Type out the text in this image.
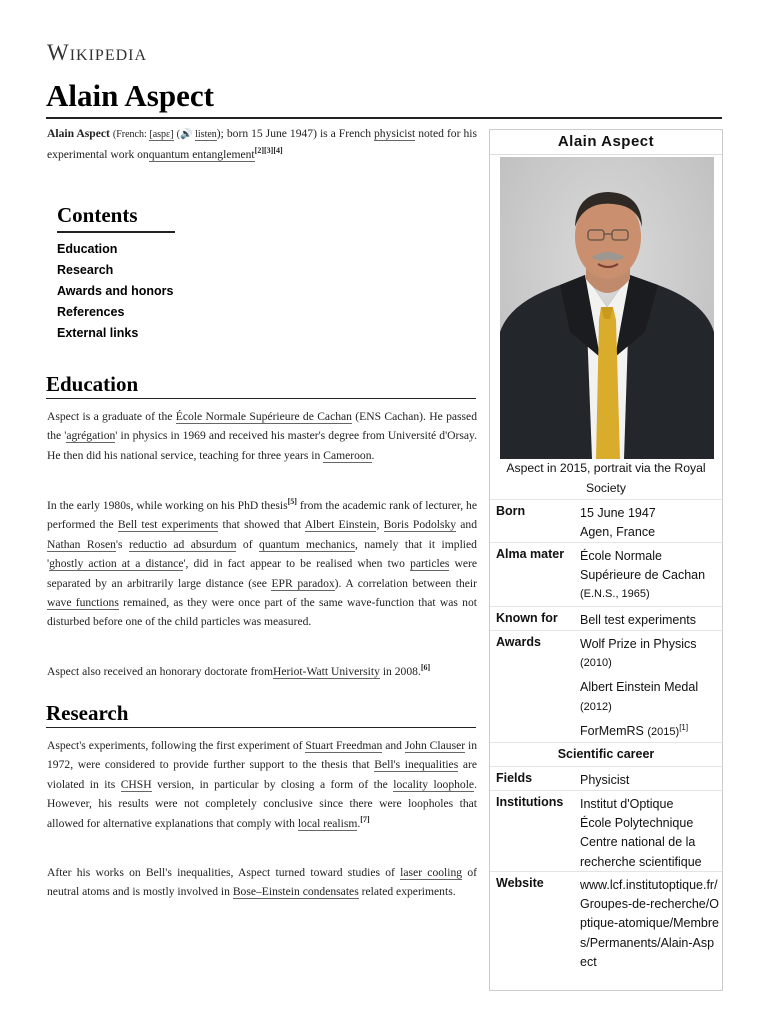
Wikipedia
Alain Aspect

Alain Aspect (French: [aspɛ] (🔊 listen); born 15 June 1947) is a French physicist noted for his experimental work onquantum entanglement[2][3][4]

Contents
Education
Research
Awards and honors
References
External links
Education

Aspect is a graduate of the École Normale Supérieure de Cachan (ENS Cachan). He passed the 'agrégation' in physics in 1969 and received his master's degree from Université d'Orsay. He then did his national service, teaching for three years in Cameroon.

In the early 1980s, while working on his PhD thesis[5] from the academic rank of lecturer, he performed the Bell test experiments that showed that Albert Einstein, Boris Podolsky and Nathan Rosen's reductio ad absurdum of quantum mechanics, namely that it implied 'ghostly action at a distance', did in fact appear to be realised when two particles were separated by an arbitrarily large distance (see EPR paradox). A correlation between their wave functions remained, as they were once part of the same wave-function that was not disturbed before one of the child particles was measured.

Aspect also received an honorary doctorate fromHeriot-Watt University in 2008.[6]

Research

Aspect's experiments, following the first experiment of Stuart Freedman and John Clauser in 1972, were considered to provide further support to the thesis that Bell's inequalities are violated in its CHSH version, in particular by closing a form of the locality loophole. However, his results were not completely conclusive since there were loopholes that allowed for alternative explanations that comply with local realism.[7]

After his works on Bell's inequalities, Aspect turned toward studies of laser cooling of neutral atoms and is mostly involved in Bose–Einstein condensates related experiments.

Alain Aspect
Aspect in 2015, portrait via the Royal Society
Born	15 June 1947
Agen, France
Alma mater École Normale Supérieure de Cachan
(E.N.S., 1965)
Known for Bell test experiments
Awards	Wolf Prize in Physics
(2010)
Albert Einstein Medal
(2012)
ForMemRS (2015)[1]
Scientific career
Fields	Physicist
Institutions Institut d'Optique
École Polytechnique
Centre national de la recherche scientifique
Website	www.lcf.institutoptique.fr/Groupes-de-recherche/Optique-atomique/Membres/Permanents/Alain-Aspect
